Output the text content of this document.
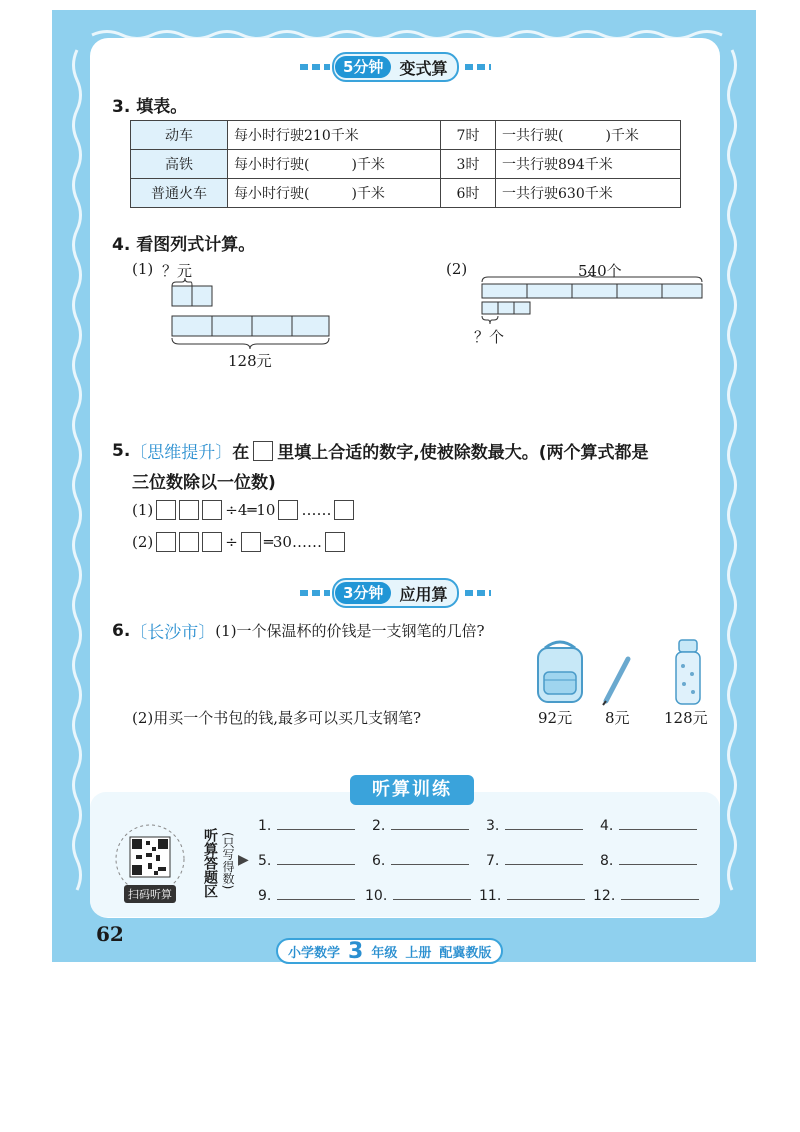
5分钟	变式算
3. 填表。
动车	每小时行驶210千米	7时	一共行驶(　　　)千米
高铁	每小时行驶(　　　)千米	3时	一共行驶894千米
普通火车	每小时行驶(　　　)千米	6时	一共行驶630千米
4. 看图列式计算。
(1) ？元
128元
(2)	540个
？个
5. 〔思维提升〕 在 里填上合适的数字,使被除数最大。(两个算式都是
三位数除以一位数)
(1)	÷4═10 ……
(2)	÷ ═30……
3分钟	应用算
6. 〔长沙市〕 (1)一个保温杯的价钱是一支钢笔的几倍?
(2)用买一个书包的钱,最多可以买几支钢笔?	92元 8元 128元
听算训练
扫码听算 听算答题区 (只写得数) ▶
1.	2.	3.	4.
5.	6.	7.	8.
9.	10.	11.	12.
62
小学数学 3 年级 上册 配冀教版
